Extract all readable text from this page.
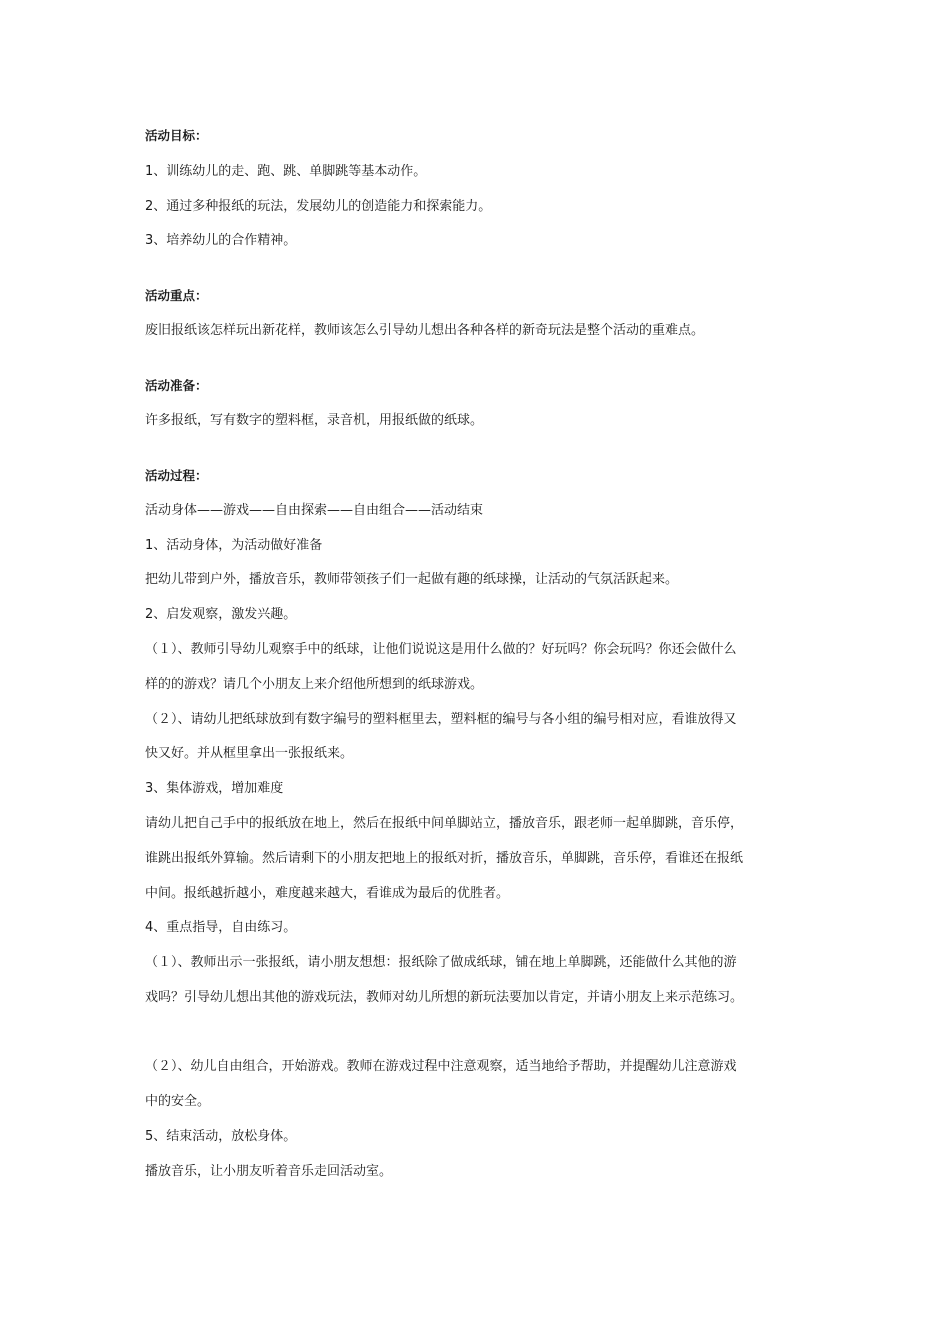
活动目标：
1、训练幼儿的走、跑、跳、单脚跳等基本动作。
2、通过多种报纸的玩法，发展幼儿的创造能力和探索能力。
3、培养幼儿的合作精神。
活动重点：
废旧报纸该怎样玩出新花样，教师该怎么引导幼儿想出各种各样的新奇玩法是整个活动的重难点。
活动准备：
许多报纸，写有数字的塑料框，录音机，用报纸做的纸球。
活动过程：
活动身体——游戏——自由探索——自由组合——活动结束
1、活动身体，为活动做好准备
把幼儿带到户外，播放音乐，教师带领孩子们一起做有趣的纸球操，让活动的气氛活跃起来。
2、启发观察，激发兴趣。
（１）、教师引导幼儿观察手中的纸球，让他们说说这是用什么做的？好玩吗？你会玩吗？你还会做什么
样的的游戏？请几个小朋友上来介绍他所想到的纸球游戏。
（２）、请幼儿把纸球放到有数字编号的塑料框里去，塑料框的编号与各小组的编号相对应，看谁放得又
快又好。并从框里拿出一张报纸来。
3、集体游戏，增加难度
请幼儿把自己手中的报纸放在地上，然后在报纸中间单脚站立，播放音乐，跟老师一起单脚跳，音乐停，
谁跳出报纸外算输。然后请剩下的小朋友把地上的报纸对折，播放音乐，单脚跳，音乐停，看谁还在报纸
中间。报纸越折越小，难度越来越大，看谁成为最后的优胜者。
4、重点指导，自由练习。
（１）、教师出示一张报纸，请小朋友想想：报纸除了做成纸球，铺在地上单脚跳，还能做什么其他的游
戏吗？引导幼儿想出其他的游戏玩法，教师对幼儿所想的新玩法要加以肯定，并请小朋友上来示范练习。
（２）、幼儿自由组合，开始游戏。教师在游戏过程中注意观察，适当地给予帮助，并提醒幼儿注意游戏
中的安全。
5、结束活动，放松身体。
播放音乐，让小朋友听着音乐走回活动室。
